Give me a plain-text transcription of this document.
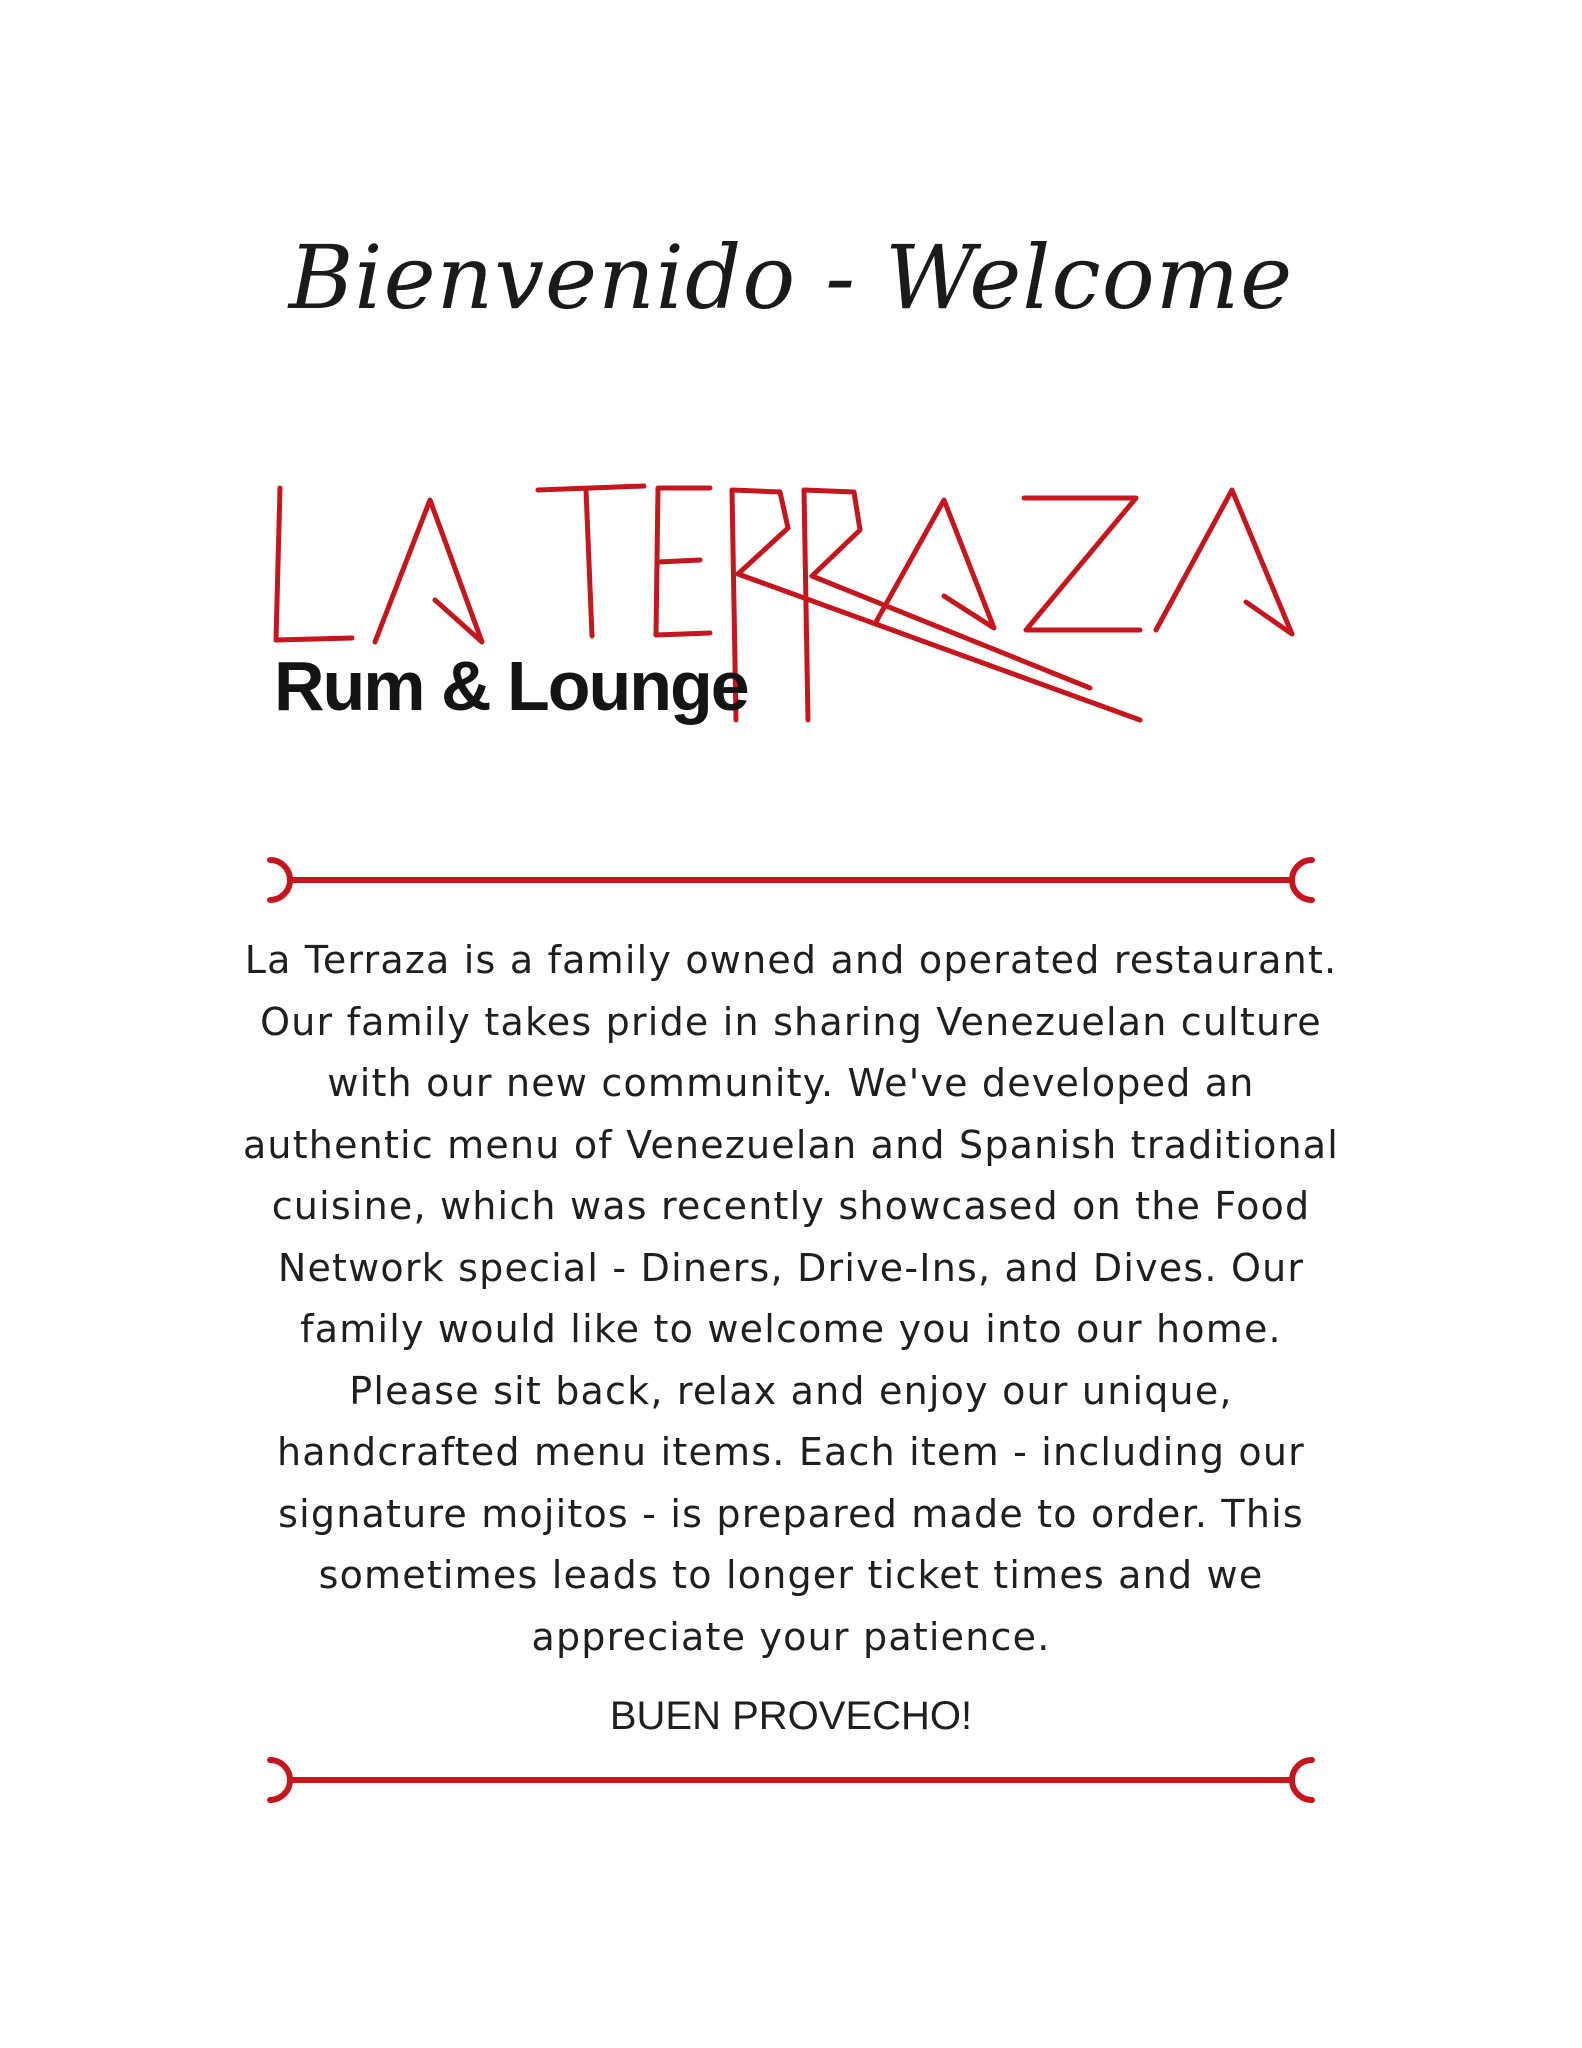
Bienvenido - Welcome
Rum & Lounge

La Terraza is a family owned and operated restaurant. Our family takes pride in sharing Venezuelan culture with our new community. We've developed an authentic menu of Venezuelan and Spanish traditional cuisine, which was recently showcased on the Food Network special - Diners, Drive-Ins, and Dives. Our family would like to welcome you into our home. Please sit back, relax and enjoy our unique, handcrafted menu items. Each item - including our signature mojitos - is prepared made to order. This sometimes leads to longer ticket times and we appreciate your patience.

BUEN PROVECHO!
